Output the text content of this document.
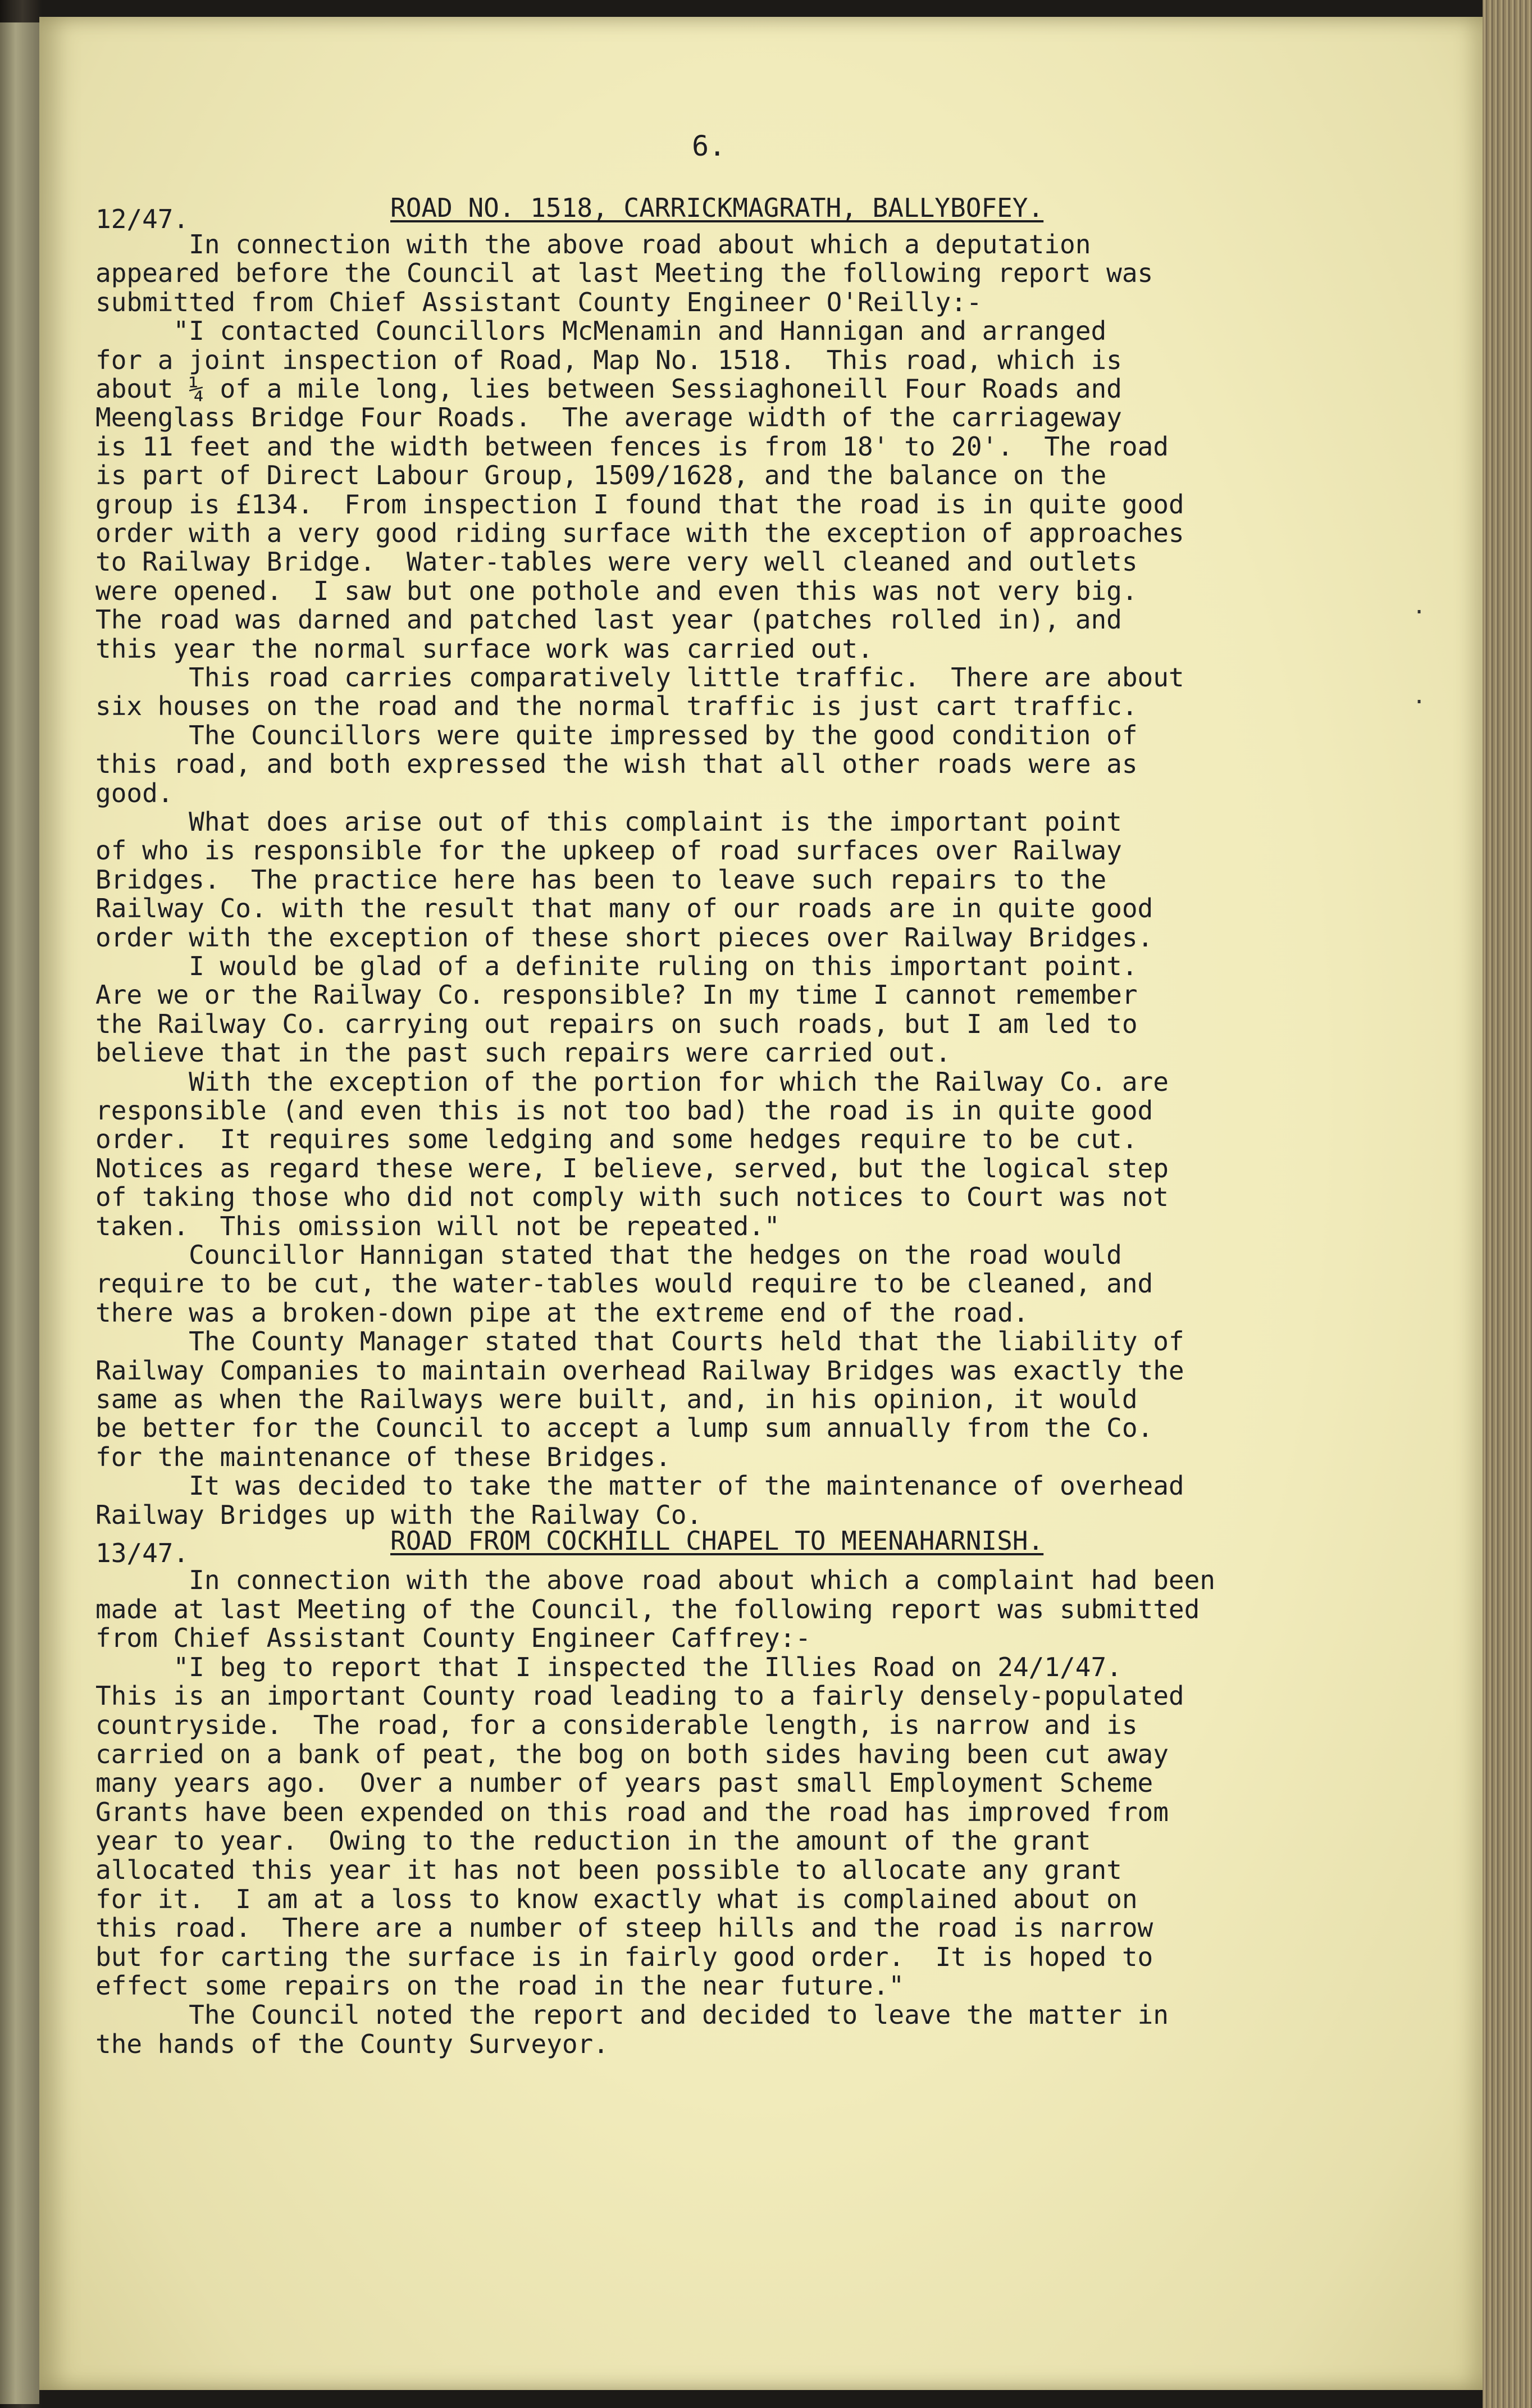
6.
12/47.	ROAD NO. 1518, CARRICKMAGRATH, BALLYBOFEY.
In connection with the above road about which a deputation
appeared before the Council at last Meeting the following report was
submitted from Chief Assistant County Engineer O'Reilly:-
"I contacted Councillors McMenamin and Hannigan and arranged
for a joint inspection of Road, Map No. 1518.  This road, which is
about ¼ of a mile long, lies between Sessiaghoneill Four Roads and
Meenglass Bridge Four Roads.  The average width of the carriageway
is 11 feet and the width between fences is from 18' to 20'.  The road
is part of Direct Labour Group, 1509/1628, and the balance on the
group is £134.  From inspection I found that the road is in quite good
order with a very good riding surface with the exception of approaches
to Railway Bridge.  Water-tables were very well cleaned and outlets
were opened.  I saw but one pothole and even this was not very big.
The road was darned and patched last year (patches rolled in), and
this year the normal surface work was carried out.
This road carries comparatively little traffic.  There are about
six houses on the road and the normal traffic is just cart traffic.
The Councillors were quite impressed by the good condition of
this road, and both expressed the wish that all other roads were as
good.
What does arise out of this complaint is the important point
of who is responsible for the upkeep of road surfaces over Railway
Bridges.  The practice here has been to leave such repairs to the
Railway Co. with the result that many of our roads are in quite good
order with the exception of these short pieces over Railway Bridges.
I would be glad of a definite ruling on this important point.
Are we or the Railway Co. responsible? In my time I cannot remember
the Railway Co. carrying out repairs on such roads, but I am led to
believe that in the past such repairs were carried out.
With the exception of the portion for which the Railway Co. are
responsible (and even this is not too bad) the road is in quite good
order.  It requires some ledging and some hedges require to be cut.
Notices as regard these were, I believe, served, but the logical step
of taking those who did not comply with such notices to Court was not
taken.  This omission will not be repeated."
Councillor Hannigan stated that the hedges on the road would
require to be cut, the water-tables would require to be cleaned, and
there was a broken-down pipe at the extreme end of the road.
The County Manager stated that Courts held that the liability of
Railway Companies to maintain overhead Railway Bridges was exactly the
same as when the Railways were built, and, in his opinion, it would
be better for the Council to accept a lump sum annually from the Co.
for the maintenance of these Bridges.
It was decided to take the matter of the maintenance of overhead
Railway Bridges up with the Railway Co.
13/47.	ROAD FROM COCKHILL CHAPEL TO MEENAHARNISH.
In connection with the above road about which a complaint had been
made at last Meeting of the Council, the following report was submitted
from Chief Assistant County Engineer Caffrey:-
"I beg to report that I inspected the Illies Road on 24/1/47.
This is an important County road leading to a fairly densely-populated
countryside.  The road, for a considerable length, is narrow and is
carried on a bank of peat, the bog on both sides having been cut away
many years ago.  Over a number of years past small Employment Scheme
Grants have been expended on this road and the road has improved from
year to year.  Owing to the reduction in the amount of the grant
allocated this year it has not been possible to allocate any grant
for it.  I am at a loss to know exactly what is complained about on
this road.  There are a number of steep hills and the road is narrow
but for carting the surface is in fairly good order.  It is hoped to
effect some repairs on the road in the near future."
The Council noted the report and decided to leave the matter in
the hands of the County Surveyor.
·
·
